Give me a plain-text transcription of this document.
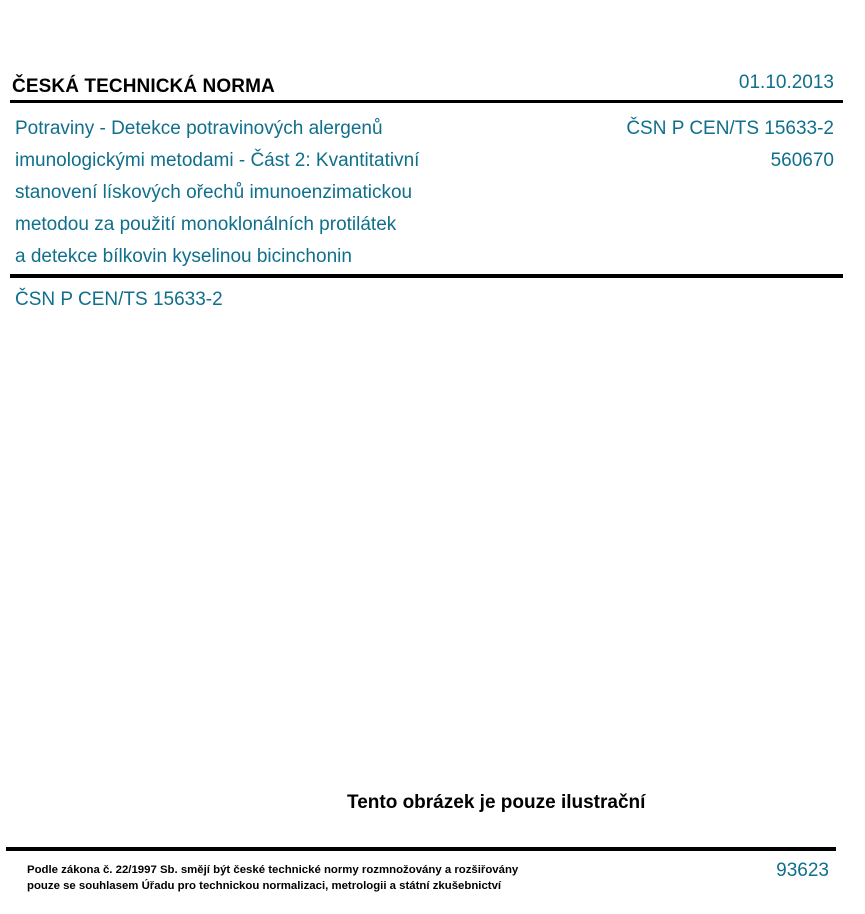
ČESKÁ TECHNICKÁ NORMA	01.10.2013
Potraviny - Detekce potravinových alergenů
imunologickými metodami - Část 2: Kvantitativní
stanovení lískových ořechů imunoenzimatickou
metodou za použití monoklonálních protilátek
a detekce bílkovin kyselinou bicinchonin
ČSN P CEN/TS 15633-2
560670
ČSN P CEN/TS 15633-2
Tento obrázek je pouze ilustrační
Podle zákona č. 22/1997 Sb. smějí být české technické normy rozmnožovány a rozšiřovány
pouze se souhlasem Úřadu pro technickou normalizaci, metrologii a státní zkušebnictví
93623
